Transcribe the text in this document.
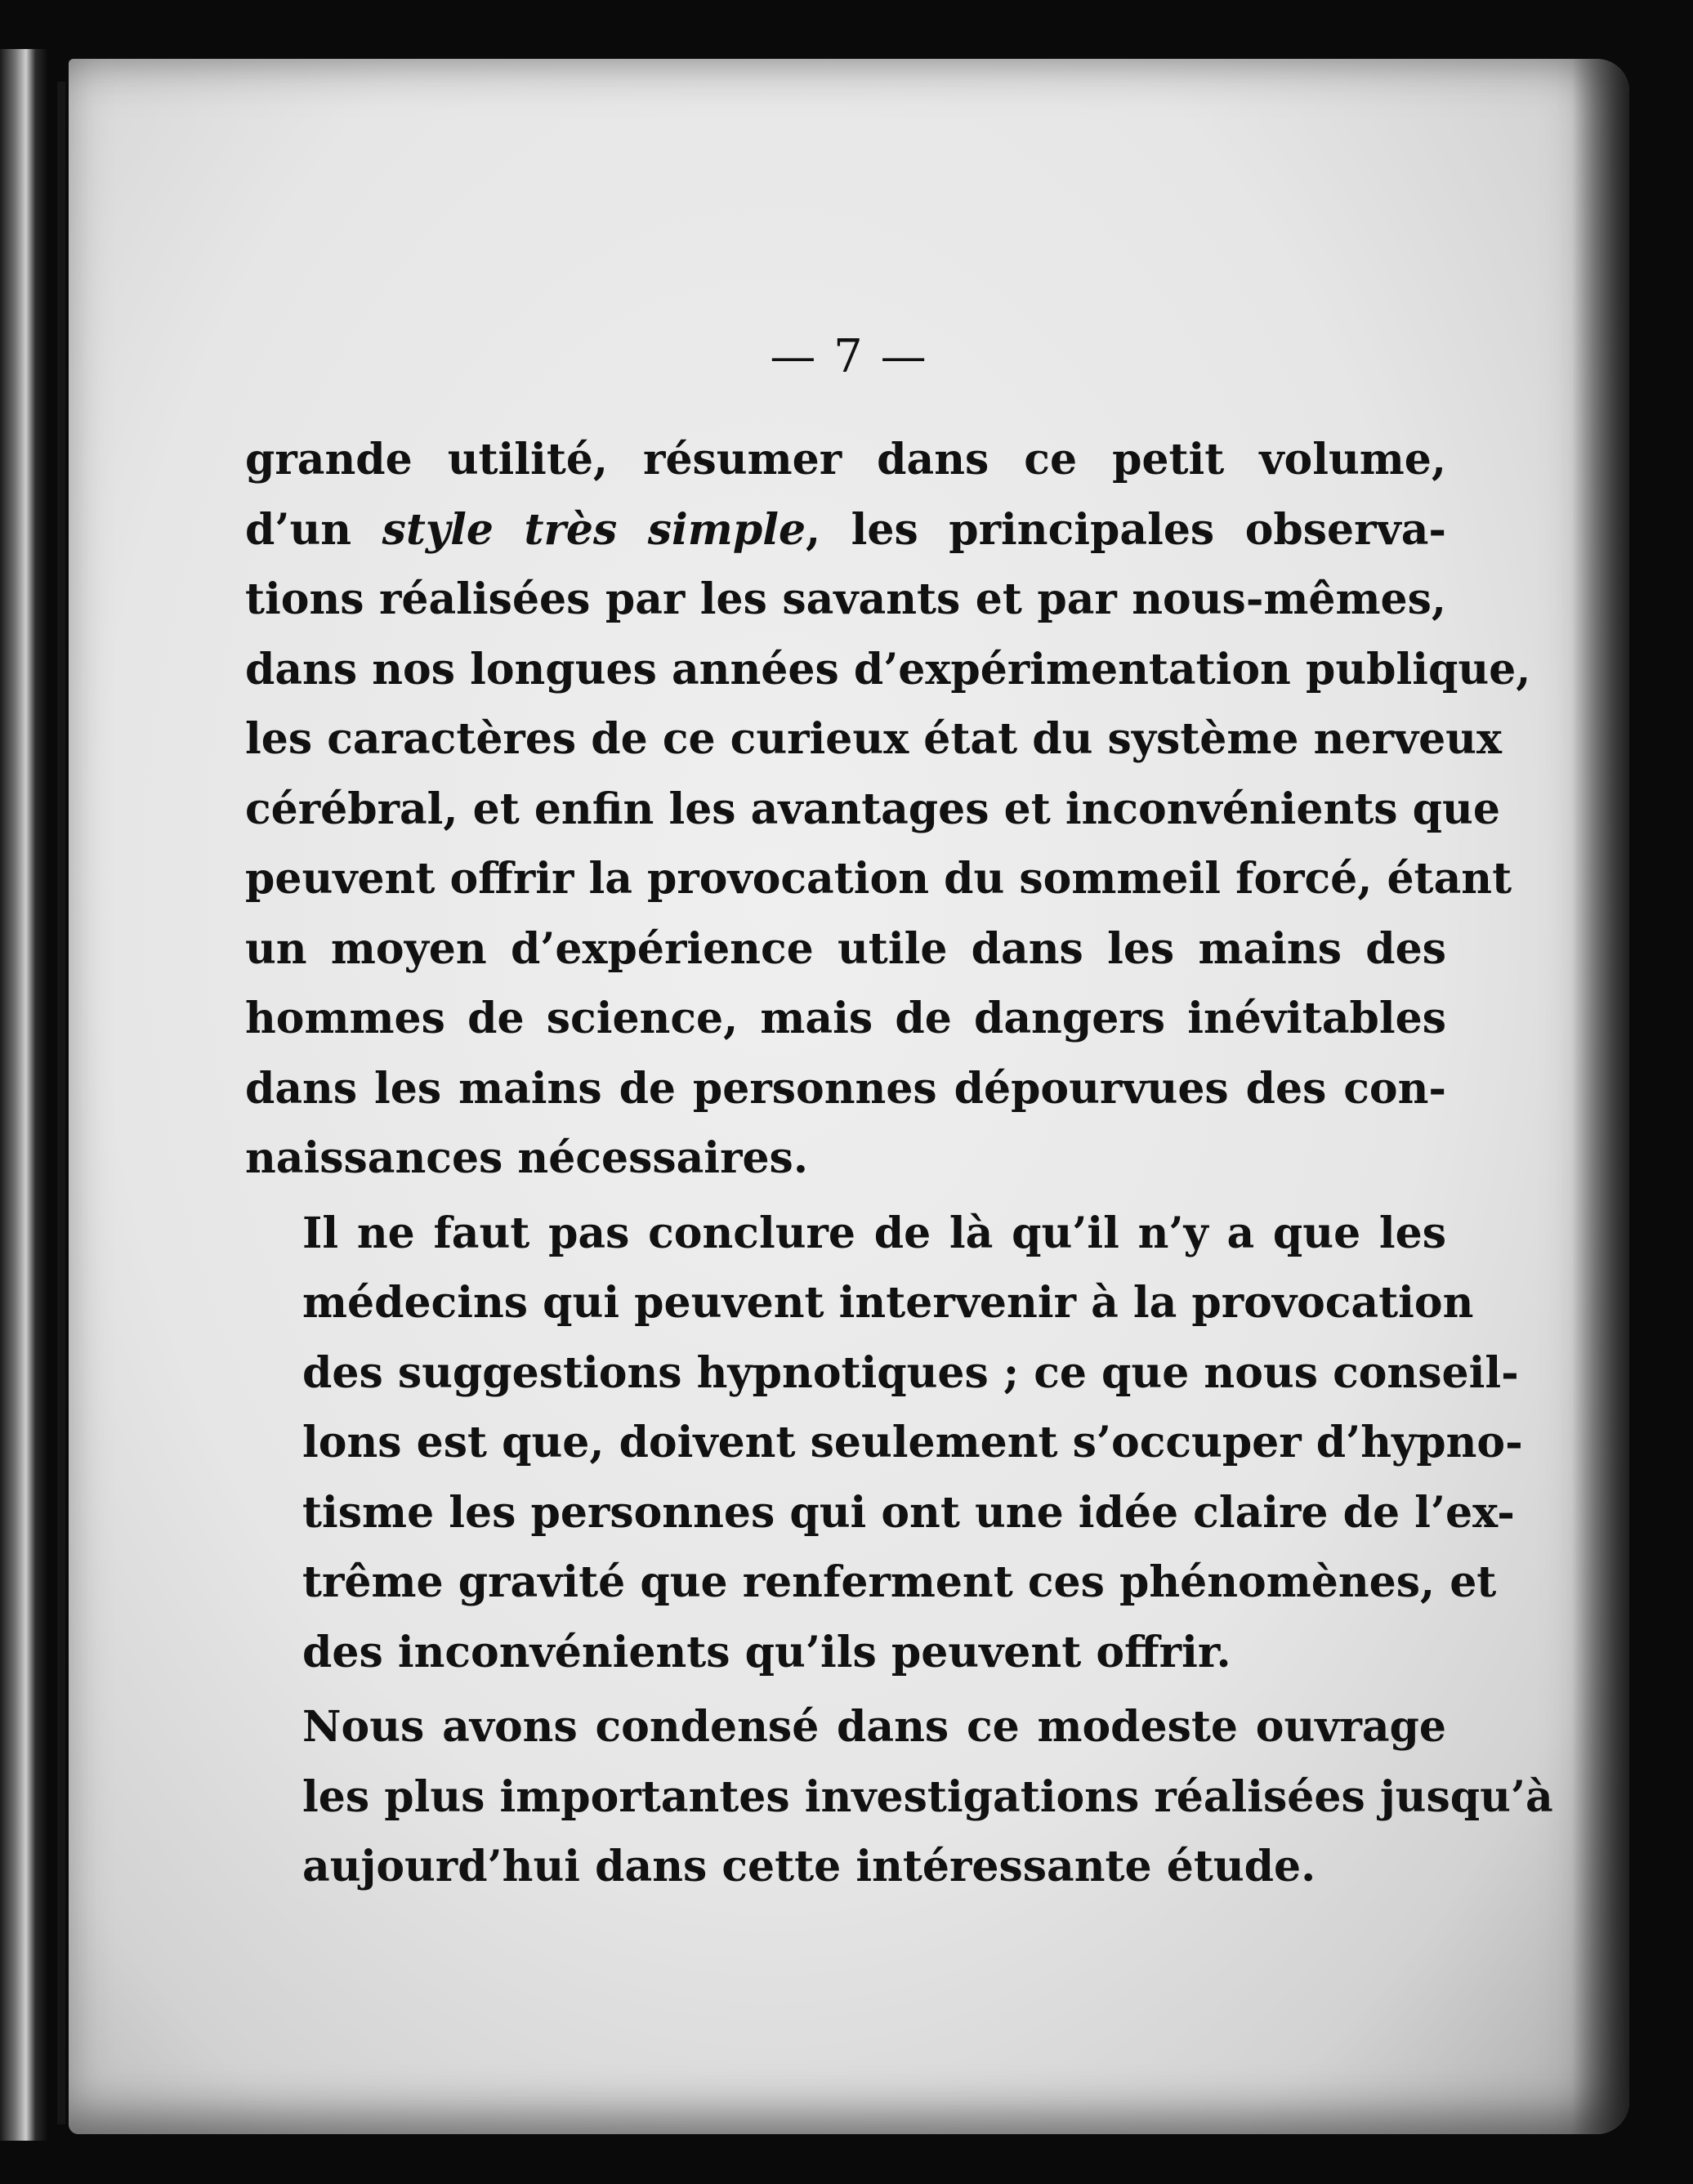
— 7 —

grande utilité, résumer dans ce petit volume,
d’un style très simple, les principales observa-
tions réalisées par les savants et par nous-mêmes,
dans nos longues années d’expérimentation publique,
les caractères de ce curieux état du système nerveux
cérébral, et enfin les avantages et inconvénients que
peuvent offrir la provocation du sommeil forcé, étant
un moyen d’expérience utile dans les mains des
hommes de science, mais de dangers inévitables
dans les mains de personnes dépourvues des con-
naissances nécessaires.

Il ne faut pas conclure de là qu’il n’y a que les
médecins qui peuvent intervenir à la provocation
des suggestions hypnotiques ; ce que nous conseil-
lons est que, doivent seulement s’occuper d’hypno-
tisme les personnes qui ont une idée claire de l’ex-
trême gravité que renferment ces phénomènes, et
des inconvénients qu’ils peuvent offrir.

Nous avons condensé dans ce modeste ouvrage
les plus importantes investigations réalisées jusqu’à
aujourd’hui dans cette intéressante étude.
